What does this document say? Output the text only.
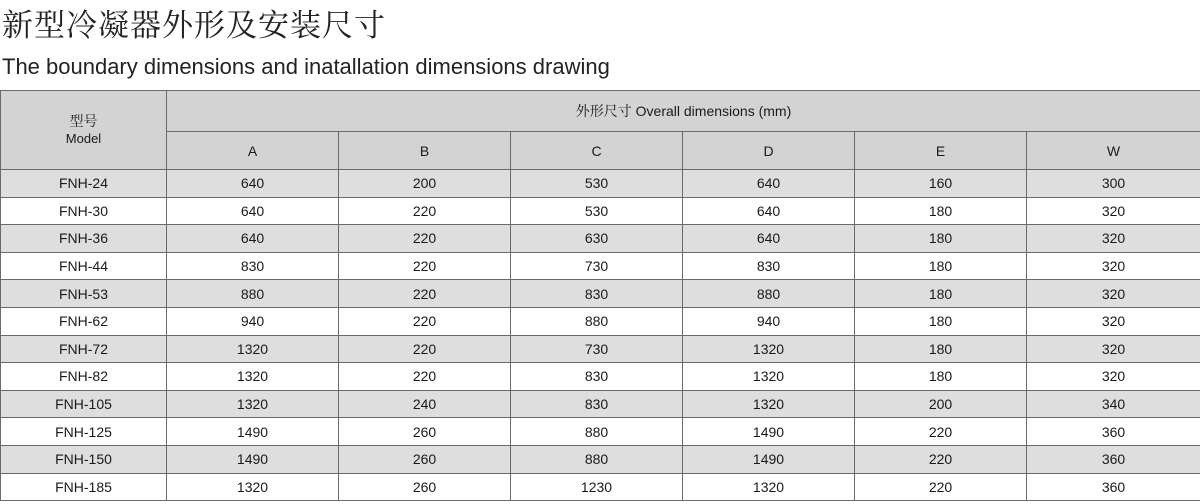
新型冷凝器外形及安装尺寸
The boundary dimensions and inatallation dimensions drawing
型号
Model	外形尺寸 Overall dimensions (mm)					
	A	B	C	D	E	W
FNH-24	640	200	530	640	160	300
FNH-30	640	220	530	640	180	320
FNH-36	640	220	630	640	180	320
FNH-44	830	220	730	830	180	320
FNH-53	880	220	830	880	180	320
FNH-62	940	220	880	940	180	320
FNH-72	1320	220	730	1320	180	320
FNH-82	1320	220	830	1320	180	320
FNH-105	1320	240	830	1320	200	340
FNH-125	1490	260	880	1490	220	360
FNH-150	1490	260	880	1490	220	360
FNH-185	1320	260	1230	1320	220	360
